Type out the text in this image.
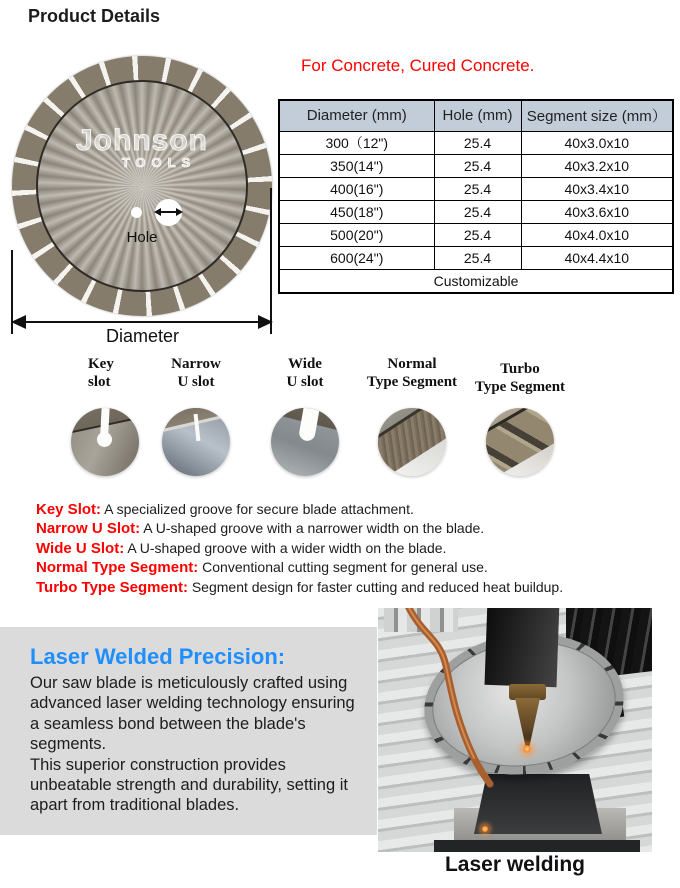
Product Details
Johnson
TOOLS
Hole
Diameter
For Concrete, Cured Concrete.
Diameter (mm)	Hole (mm)	Segment size (mm）
300（12")	25.4	40x3.0x10
350(14")	25.4	40x3.2x10
400(16")	25.4	40x3.4x10
450(18")	25.4	40x3.6x10
500(20")	25.4	40x4.0x10
600(24")	25.4	40x4.4x10
Customizable		
Key
slot
Narrow
U slot
Wide
U slot
Normal
Type Segment
Turbo
Type Segment
Key Slot: A specialized groove for secure blade attachment.
Narrow U Slot: A U-shaped groove with a narrower width on the blade.
Wide U Slot: A U-shaped groove with a wider width on the blade.
Normal Type Segment: Conventional cutting segment for general use.
Turbo Type Segment: Segment design for faster cutting and reduced heat buildup.
Laser Welded Precision:

Our saw blade is meticulously crafted using advanced laser welding technology ensuring a seamless bond between the blade's segments.

This superior construction provides unbeatable strength and durability, setting it apart from traditional blades.

Laser welding
